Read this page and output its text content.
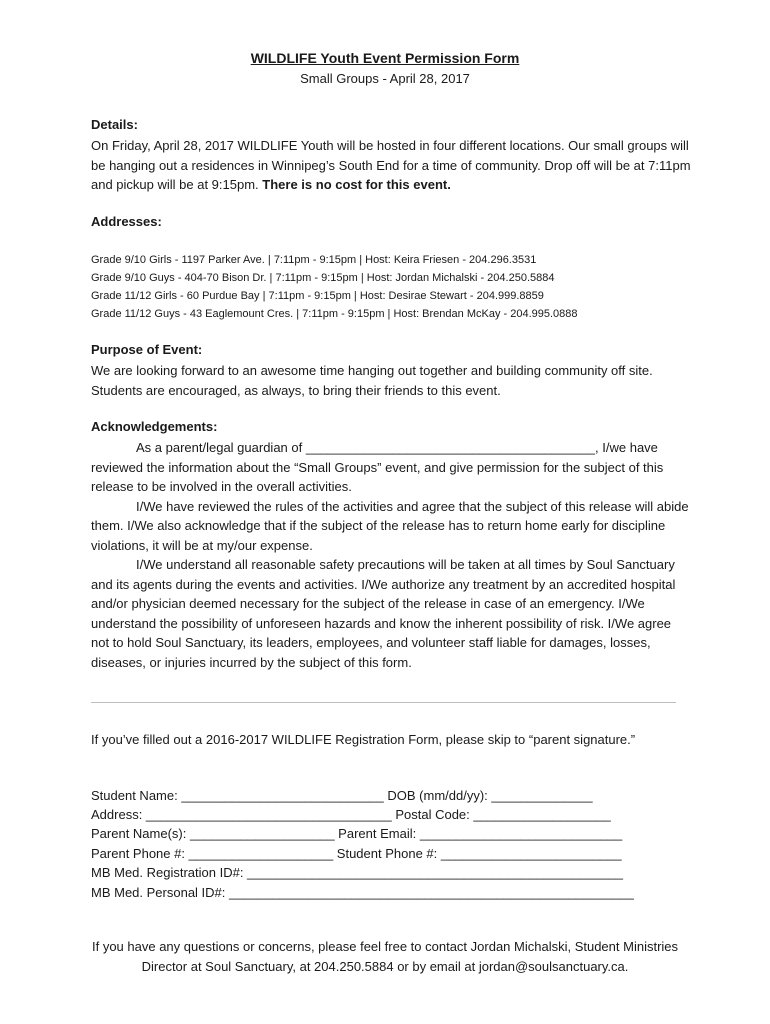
WILDLIFE Youth Event Permission Form
Small Groups - April 28, 2017
Details:
On Friday, April 28, 2017 WILDLIFE Youth will be hosted in four different locations. Our small groups will be hanging out a residences in Winnipeg’s South End for a time of community. Drop off will be at 7:11pm and pickup will be at 9:15pm. There is no cost for this event.
Addresses:
Grade 9/10 Girls - 1197 Parker Ave. | 7:11pm - 9:15pm | Host: Keira Friesen - 204.296.3531
Grade 9/10 Guys - 404-70 Bison Dr. | 7:11pm - 9:15pm | Host: Jordan Michalski - 204.250.5884
Grade 11/12 Girls - 60 Purdue Bay | 7:11pm - 9:15pm | Host: Desirae Stewart - 204.999.8859
Grade 11/12 Guys - 43 Eaglemount Cres. | 7:11pm - 9:15pm | Host: Brendan McKay - 204.995.0888
Purpose of Event:
We are looking forward to an awesome time hanging out together and building community off site. Students are encouraged, as always, to bring their friends to this event.
Acknowledgements:
As a parent/legal guardian of ________________________________________, I/we have reviewed the information about the “Small Groups” event, and give permission for the subject of this release to be involved in the overall activities.
I/We have reviewed the rules of the activities and agree that the subject of this release will abide them. I/We also acknowledge that if the subject of the release has to return home early for discipline violations, it will be at my/our expense.
I/We understand all reasonable safety precautions will be taken at all times by Soul Sanctuary and its agents during the events and activities. I/We authorize any treatment by an accredited hospital and/or physician deemed necessary for the subject of the release in case of an emergency. I/We understand the possibility of unforeseen hazards and know the inherent possibility of risk. I/We agree not to hold Soul Sanctuary, its leaders, employees, and volunteer staff liable for damages, losses, diseases, or injuries incurred by the subject of this form.
If you’ve filled out a 2016-2017 WILDLIFE Registration Form, please skip to “parent signature.”
Student Name: ____________________________ DOB (mm/dd/yy): ______________
Address: __________________________________ Postal Code: ___________________
Parent Name(s): ____________________ Parent Email: ____________________________
Parent Phone #: ____________________ Student Phone #: _________________________
MB Med. Registration ID#: ____________________________________________________
MB Med. Personal ID#: ________________________________________________________
If you have any questions or concerns, please feel free to contact Jordan Michalski, Student Ministries Director at Soul Sanctuary, at 204.250.5884 or by email at jordan@soulsanctuary.ca.
